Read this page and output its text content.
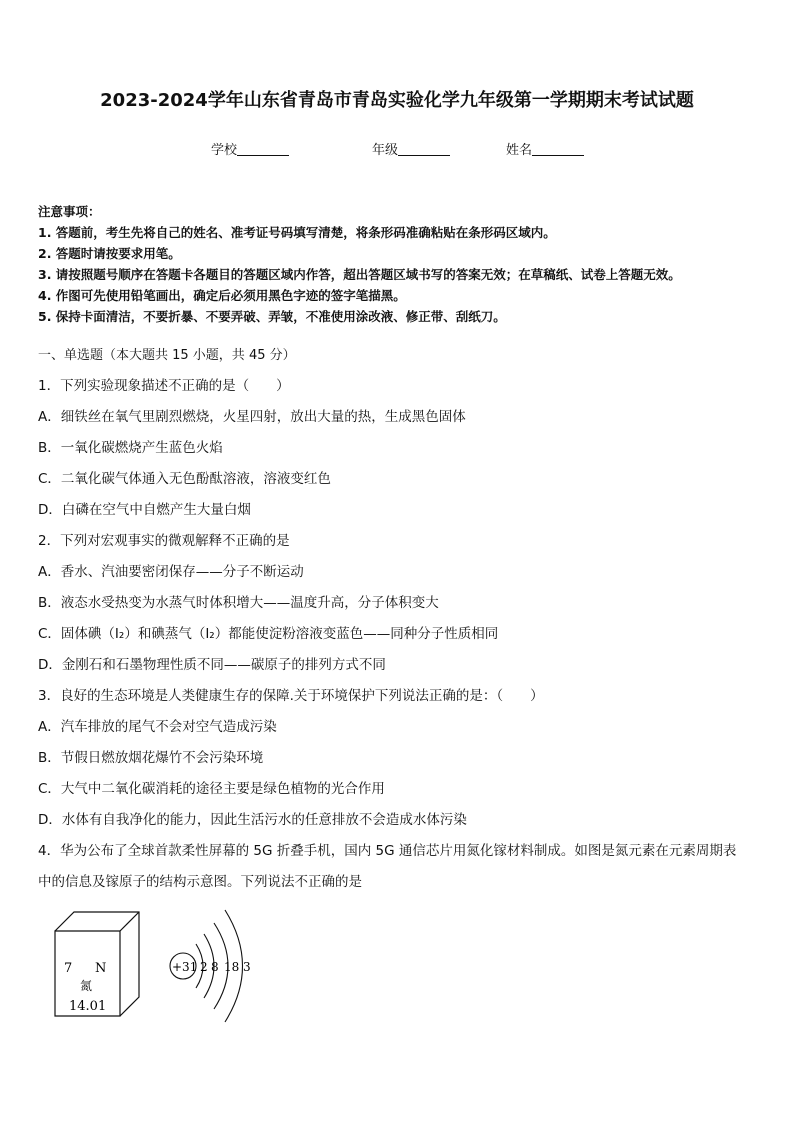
2023-2024学年山东省青岛市青岛实验化学九年级第一学期期末考试试题
学校	年级	姓名
注意事项：
1. 答题前，考生先将自己的姓名、准考证号码填写清楚，将条形码准确粘贴在条形码区域内。
2. 答题时请按要求用笔。
3. 请按照题号顺序在答题卡各题目的答题区域内作答，超出答题区域书写的答案无效；在草稿纸、试卷上答题无效。
4. 作图可先使用铅笔画出，确定后必须用黑色字迹的签字笔描黑。
5. 保持卡面清洁，不要折暴、不要弄破、弄皱，不准使用涂改液、修正带、刮纸刀。
一、单选题（本大题共 15 小题，共 45 分）
1．下列实验现象描述不正确的是（　　）
A．细铁丝在氧气里剧烈燃烧，火星四射，放出大量的热，生成黑色固体
B．一氧化碳燃烧产生蓝色火焰
C．二氧化碳气体通入无色酚酞溶液，溶液变红色
D．白磷在空气中自燃产生大量白烟
2．下列对宏观事实的微观解释不正确的是
A．香水、汽油要密闭保存——分子不断运动
B．液态水受热变为水蒸气时体积增大——温度升高，分子体积变大
C．固体碘（I₂）和碘蒸气（I₂）都能使淀粉溶液变蓝色——同种分子性质相同
D．金刚石和石墨物理性质不同——碳原子的排列方式不同
3．良好的生态环境是人类健康生存的保障.关于环境保护下列说法正确的是：（　　）
A．汽车排放的尾气不会对空气造成污染
B．节假日燃放烟花爆竹不会污染环境
C．大气中二氧化碳消耗的途径主要是绿色植物的光合作用
D．水体有自我净化的能力，因此生活污水的任意排放不会造成水体污染
4．华为公布了全球首款柔性屏幕的 5G 折叠手机，国内 5G 通信芯片用氮化镓材料制成。如图是氮元素在元素周期表
中的信息及镓原子的结构示意图。下列说法不正确的是
7 N
氮
14.01
+31 2 8 18 3
